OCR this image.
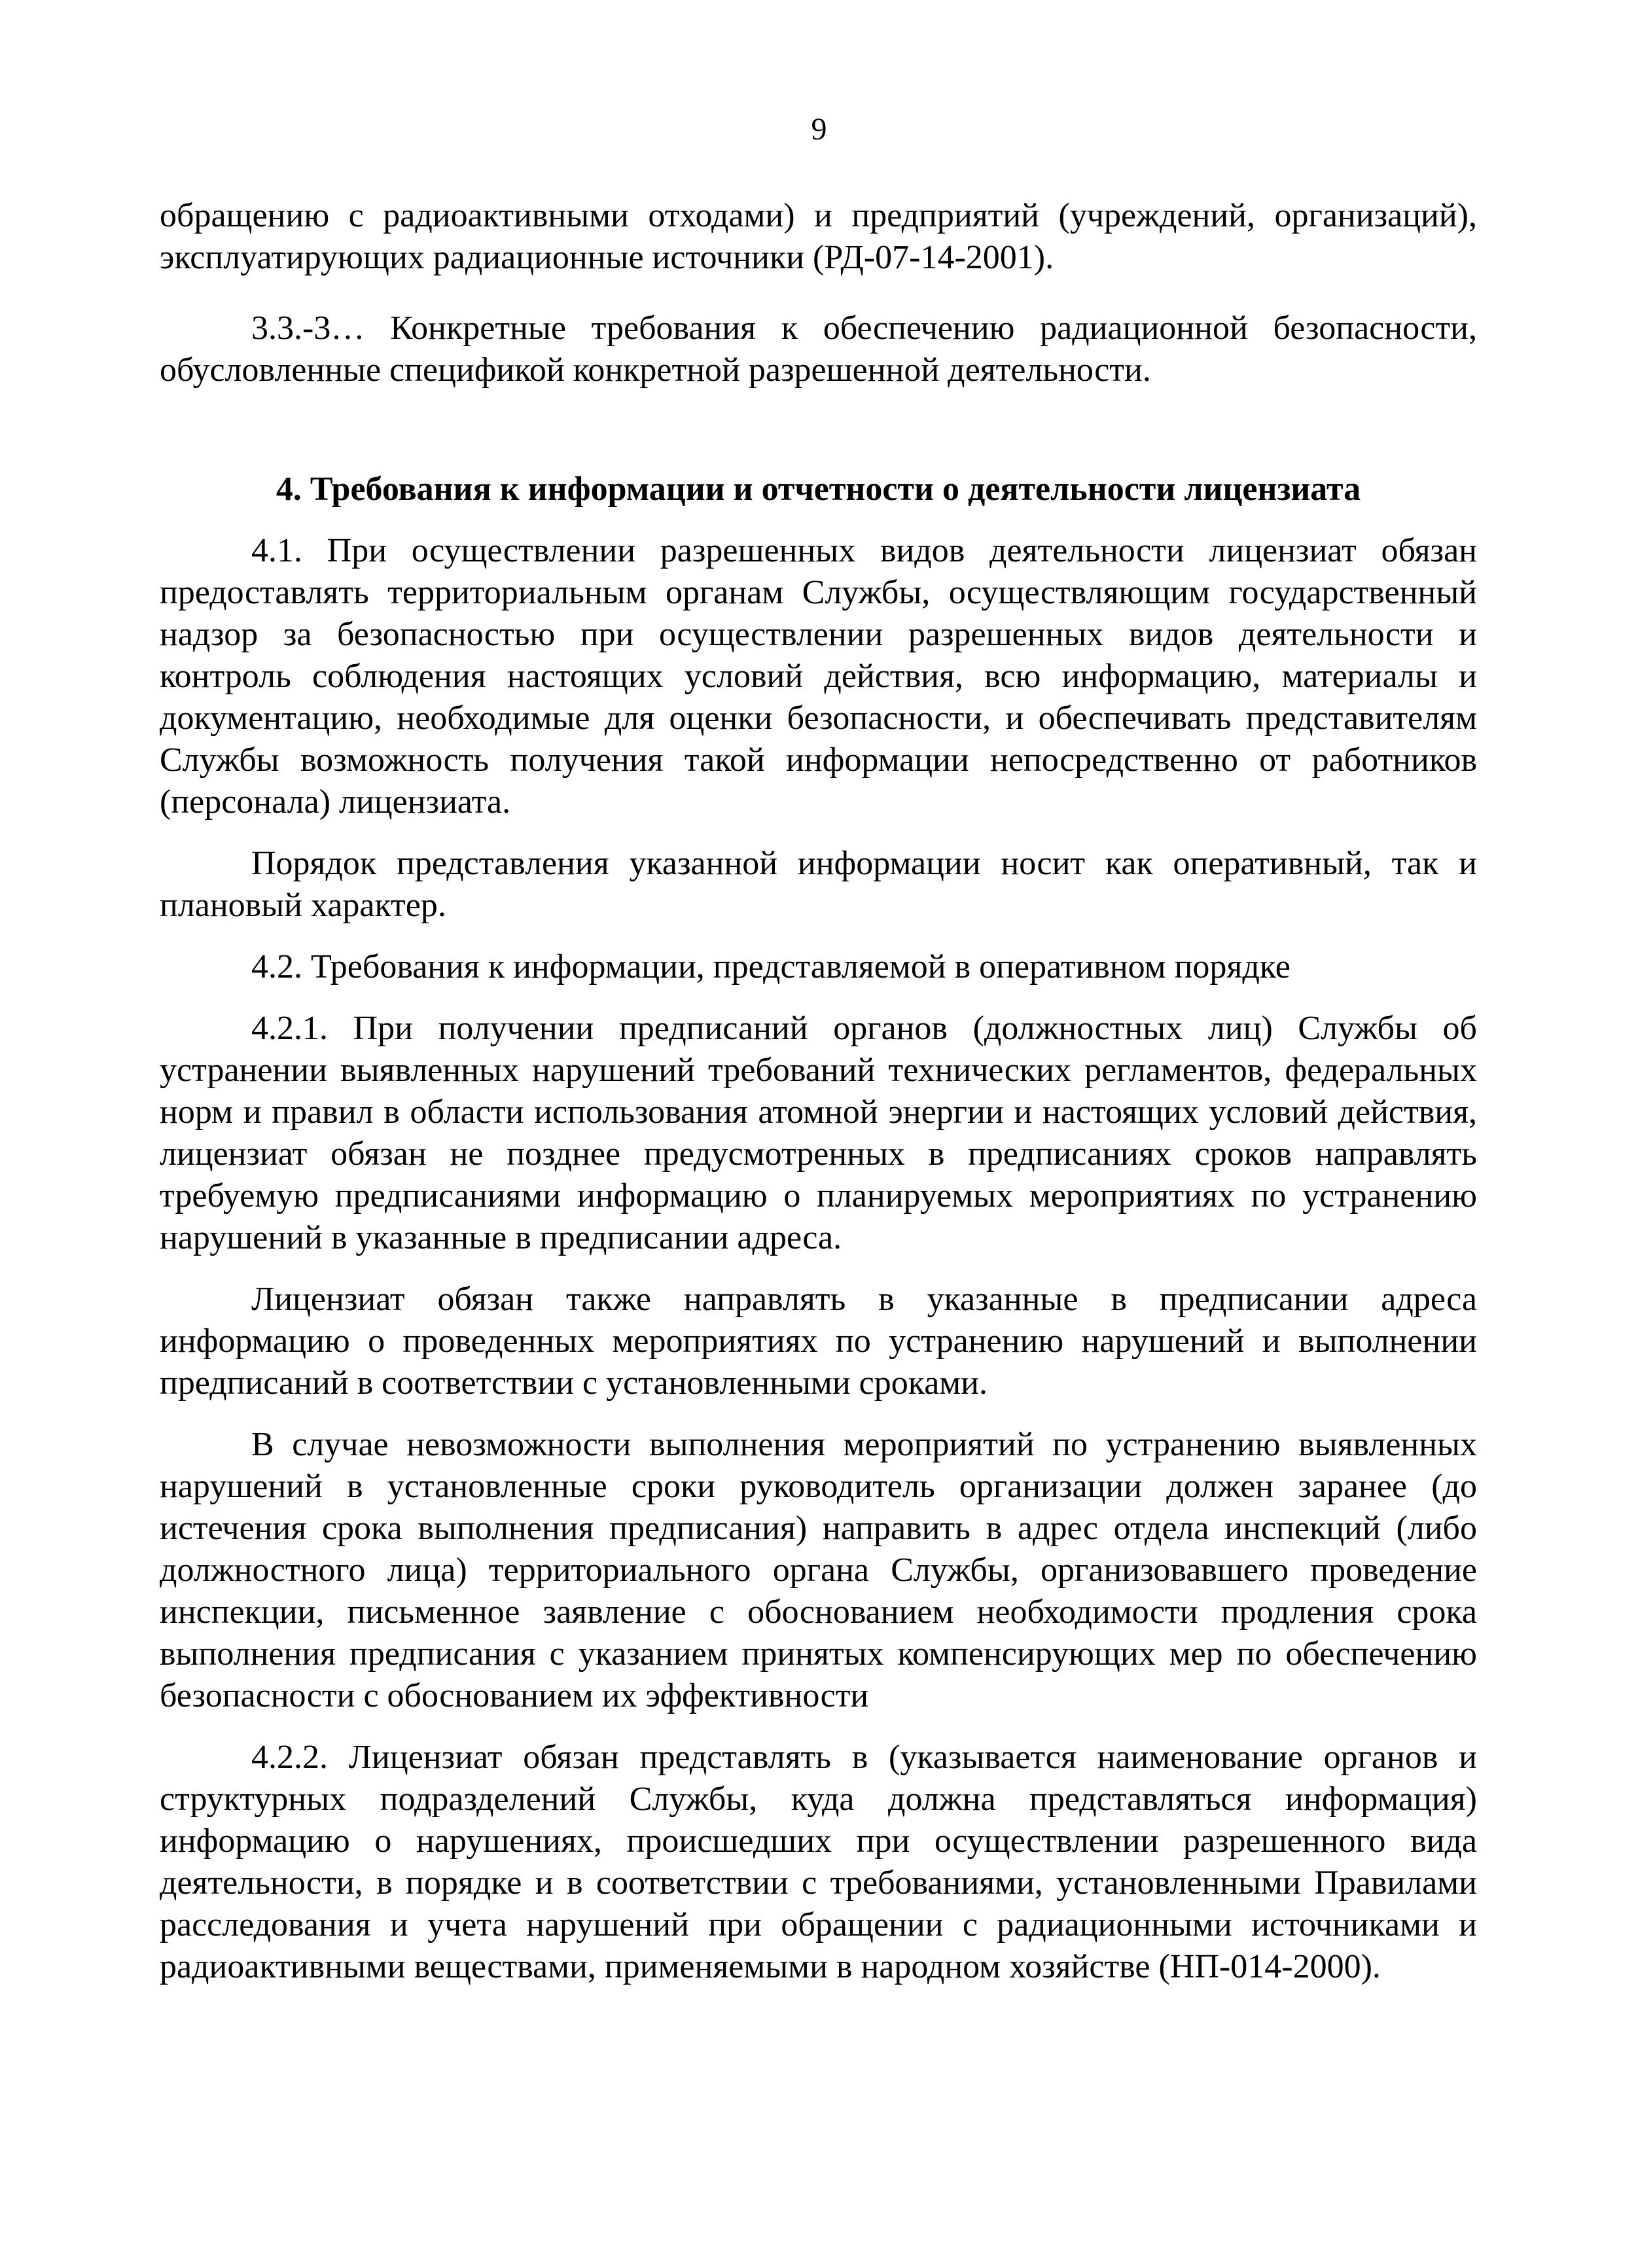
9

обращению с радиоактивными отходами) и предприятий (учреждений, организаций), эксплуатирующих радиационные источники (РД-07-14-2001).

3.3.-3… Конкретные требования к обеспечению радиационной безопасности, обусловленные спецификой конкретной разрешенной деятельности.

4. Требования к информации и отчетности о деятельности лицензиата

4.1. При осуществлении разрешенных видов деятельности лицензиат обязан предоставлять территориальным органам Службы, осуществляющим государственный надзор за безопасностью при осуществлении разрешенных видов деятельности и контроль соблюдения настоящих условий действия, всю информацию, материалы и документацию, необходимые для оценки безопасности, и обеспечивать представителям Службы возможность получения такой информации непосредственно от работников (персонала) лицензиата.

Порядок представления указанной информации носит как оперативный, так и плановый характер.

4.2. Требования к информации, представляемой в оперативном порядке

4.2.1. При получении предписаний органов (должностных лиц) Службы об устранении выявленных нарушений требований технических регламентов, федеральных норм и правил в области использования атомной энергии и настоящих условий действия, лицензиат обязан не позднее предусмотренных в предписаниях сроков направлять требуемую предписаниями информацию о планируемых мероприятиях по устранению нарушений в указанные в предписании адреса.

Лицензиат обязан также направлять в указанные в предписании адреса информацию о проведенных мероприятиях по устранению нарушений и выполнении предписаний в соответствии с установленными сроками.

В случае невозможности выполнения мероприятий по устранению выявленных нарушений в установленные сроки руководитель организации должен заранее (до истечения срока выполнения предписания) направить в адрес отдела инспекций (либо должностного лица) территориального органа Службы, организовавшего проведение инспекции, письменное заявление с обоснованием необходимости продления срока выполнения предписания с указанием принятых компенсирующих мер по обеспечению безопасности с обоснованием их эффективности

4.2.2. Лицензиат обязан представлять в (указывается наименование органов и структурных подразделений Службы, куда должна представляться информация) информацию о нарушениях, происшедших при осуществлении разрешенного вида деятельности, в порядке и в соответствии с требованиями, установленными Правилами расследования и учета нарушений при обращении с радиационными источниками и радиоактивными веществами, применяемыми в народном хозяйстве (НП-014-2000).
